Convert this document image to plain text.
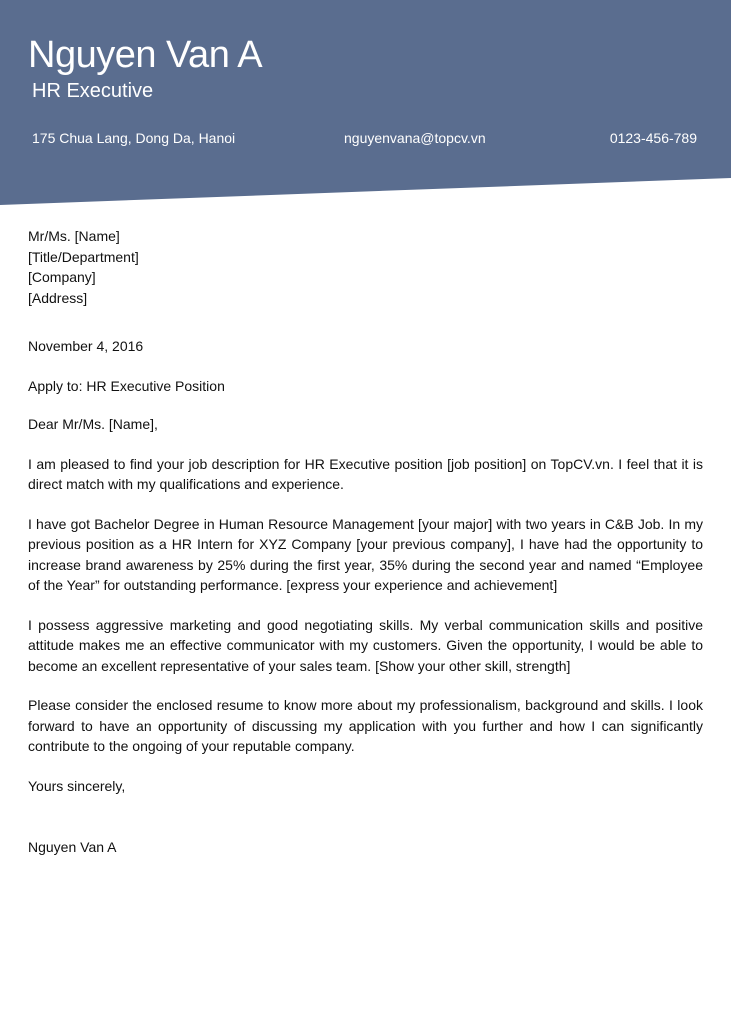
Nguyen Van A
HR Executive
175 Chua Lang, Dong Da, Hanoi	nguyenvana@topcv.vn	0123-456-789
Mr/Ms. [Name]
[Title/Department]
[Company]
[Address]

November 4, 2016

Apply to: HR Executive Position

Dear Mr/Ms. [Name],

I am pleased to find your job description for HR Executive position [job position] on TopCV.vn. I feel that it is direct match with my qualifications and experience.

I have got Bachelor Degree in Human Resource Management [your major] with two years in C&B Job. In my previous position as a HR Intern for XYZ Company [your previous company], I have had the opportunity to increase brand awareness by 25% during the first year, 35% during the second year and named “Employee of the Year” for outstanding performance. [express your experience and achievement]

I possess aggressive marketing and good negotiating skills. My verbal communication skills and positive attitude makes me an effective communicator with my customers. Given the opportunity, I would be able to become an excellent representative of your sales team. [Show your other skill, strength]

Please consider the enclosed resume to know more about my professionalism, background and skills. I look forward to have an opportunity of discussing my application with you further and how I can significantly contribute to the ongoing of your reputable company.

Yours sincerely,

Nguyen Van A
